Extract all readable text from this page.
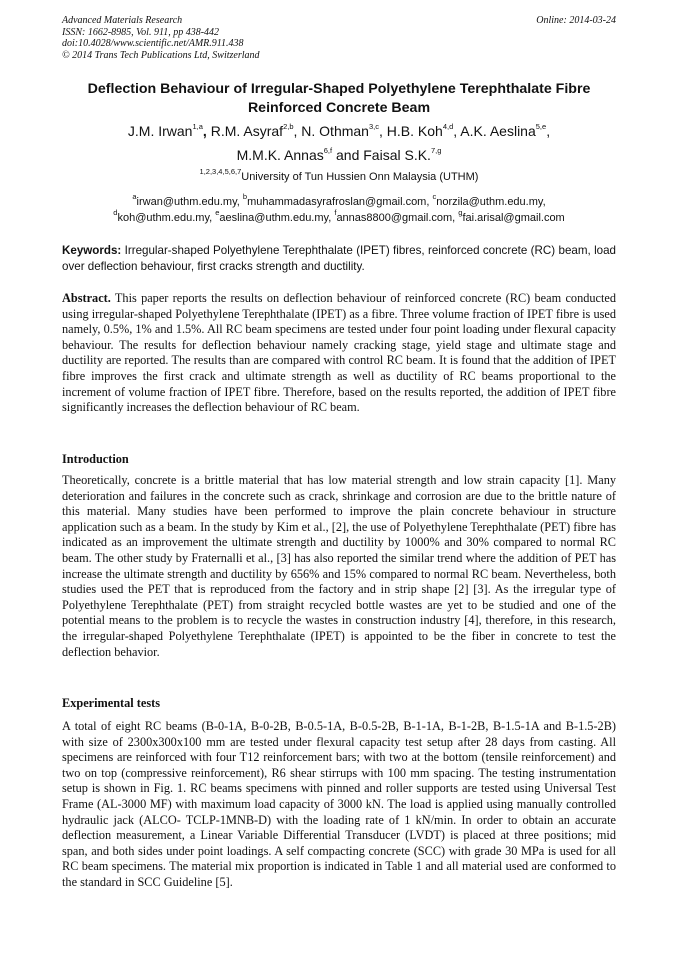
Advanced Materials Research
ISSN: 1662-8985, Vol. 911, pp 438-442
doi:10.4028/www.scientific.net/AMR.911.438
© 2014 Trans Tech Publications Ltd, Switzerland
Online: 2014-03-24
Deflection Behaviour of Irregular-Shaped Polyethylene Terephthalate Fibre Reinforced Concrete Beam
J.M. Irwan$^{1,a}$, R.M. Asyraf$^{2,b}$, N. Othman$^{3,c}$, H.B. Koh$^{4,d}$, A.K. Aeslina$^{5,e}$,
M.M.K. Annas$^{6,f}$ and Faisal S.K.$^{7,g}$
$^{1,2,3,4,5,6,7}$University of Tun Hussien Onn Malaysia (UTHM)
$^a$irwan@uthm.edu.my, $^b$muhammadasyrafroslan@gmail.com, $^c$norzila@uthm.edu.my,
$^d$koh@uthm.edu.my, $^e$aeslina@uthm.edu.my, $^f$annas8800@gmail.com, $^g$fai.arisal@gmail.com
Keywords: Irregular-shaped Polyethylene Terephthalate (IPET) fibres, reinforced concrete (RC) beam, load over deflection behaviour, first cracks strength and ductility.
Abstract. This paper reports the results on deflection behaviour of reinforced concrete (RC) beam conducted using irregular-shaped Polyethylene Terephthalate (IPET) as a fibre. Three volume fraction of IPET fibre is used namely, 0.5%, 1% and 1.5%. All RC beam specimens are tested under four point loading under flexural capacity behaviour. The results for deflection behaviour namely cracking stage, yield stage and ultimate stage and ductility are reported. The results than are compared with control RC beam. It is found that the addition of IPET fibre improves the first crack and ultimate strength as well as ductility of RC beams proportional to the increment of volume fraction of IPET fibre. Therefore, based on the results reported, the addition of IPET fibre significantly increases the deflection behaviour of RC beam.
Introduction
Theoretically, concrete is a brittle material that has low material strength and low strain capacity [1]. Many deterioration and failures in the concrete such as crack, shrinkage and corrosion are due to the brittle nature of this material. Many studies have been performed to improve the plain concrete behaviour in structure application such as a beam. In the study by Kim et al., [2], the use of Polyethylene Terephthalate (PET) fibre has indicated as an improvement the ultimate strength and ductility by 1000% and 30% compared to normal RC beam. The other study by Fraternalli et al., [3] has also reported the similar trend where the addition of PET has increase the ultimate strength and ductility by 656% and 15% compared to normal RC beam. Nevertheless, both studies used the PET that is reproduced from the factory and in strip shape [2] [3]. As the irregular type of Polyethylene Terephthalate (PET) from straight recycled bottle wastes are yet to be studied and one of the potential means to the problem is to recycle the wastes in construction industry [4], therefore, in this research, the irregular-shaped Polyethylene Terephthalate (IPET) is appointed to be the fiber in concrete to test the deflection behavior.
Experimental tests
A total of eight RC beams (B-0-1A, B-0-2B, B-0.5-1A, B-0.5-2B, B-1-1A, B-1-2B, B-1.5-1A and B-1.5-2B) with size of 2300x300x100 mm are tested under flexural capacity test setup after 28 days from casting. All specimens are reinforced with four T12 reinforcement bars; with two at the bottom (tensile reinforcement) and two on top (compressive reinforcement), R6 shear stirrups with 100 mm spacing. The testing instrumentation setup is shown in Fig. 1. RC beams specimens with pinned and roller supports are tested using Universal Test Frame (AL-3000 MF) with maximum load capacity of 3000 kN. The load is applied using manually controlled hydraulic jack (ALCO- TCLP-1MNB-D) with the loading rate of 1 kN/min. In order to obtain an accurate deflection measurement, a Linear Variable Differential Transducer (LVDT) is placed at three positions; mid span, and both sides under point loadings. A self compacting concrete (SCC) with grade 30 MPa is used for all RC beam specimens. The material mix proportion is indicated in Table 1 and all material used are conformed to the standard in SCC Guideline [5].
